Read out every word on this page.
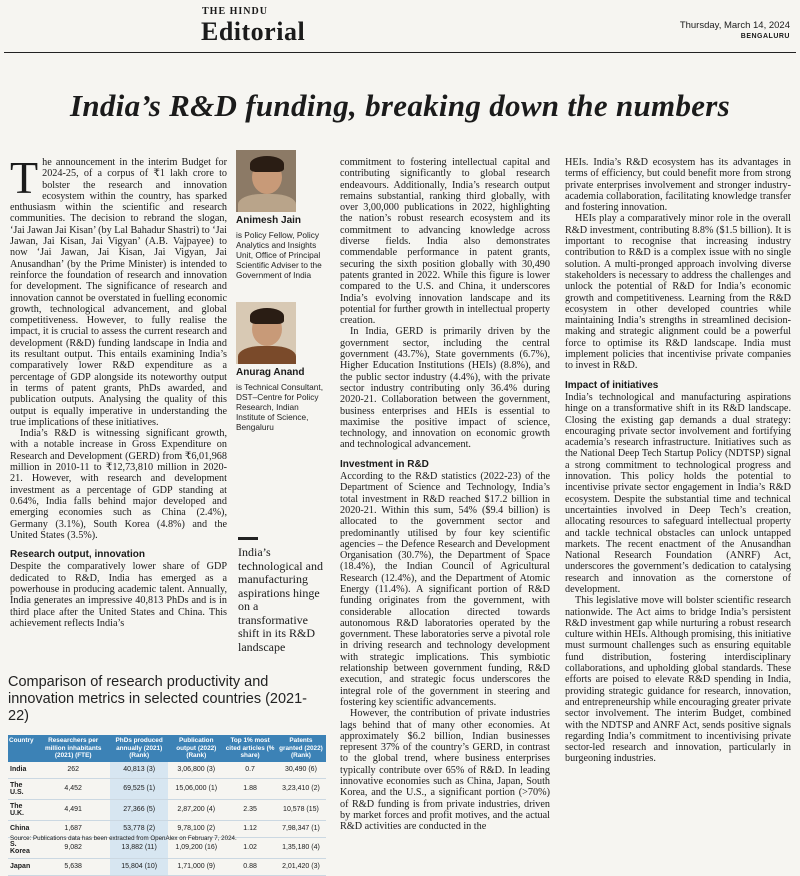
THE HINDU
Editorial	Thursday, March 14, 2024
BENGALURU
India’s R&D funding, breaking down the numbers

The announcement in the interim Budget for 2024-25, of a corpus of ₹1 lakh crore to bolster the research and innovation ecosystem within the country, has sparked enthusiasm within the scientific and research communities. The decision to rebrand the slogan, ‘Jai Jawan Jai Kisan’ (by Lal Bahadur Shastri) to ‘Jai Jawan, Jai Kisan, Jai Vigyan’ (A.B. Vajpayee) to now ‘Jai Jawan, Jai Kisan, Jai Vigyan, Jai Anusandhan’ (by the Prime Minister) is intended to reinforce the foundation of research and innovation for development. The significance of research and innovation cannot be overstated in fuelling economic growth, technological advancement, and global competitiveness. However, to fully realise the impact, it is crucial to assess the current research and development (R&D) funding landscape in India and its resultant output. This entails examining India’s comparatively lower R&D expenditure as a percentage of GDP alongside its noteworthy output in terms of patent grants, PhDs awarded, and publication outputs. Analysing the quality of this output is equally imperative in understanding the true implications of these initiatives.

India’s R&D is witnessing significant growth, with a notable increase in Gross Expenditure on Research and Development (GERD) from ₹6,01,968 million in 2010-11 to ₹12,73,810 million in 2020-21. However, with research and development investment as a percentage of GDP standing at 0.64%, India falls behind major developed and emerging economies such as China (2.4%), Germany (3.1%), South Korea (4.8%) and the United States (3.5%).

Research output, innovation

Despite the comparatively lower share of GDP dedicated to R&D, India has emerged as a powerhouse in producing academic talent. Annually, India generates an impressive 40,813 PhDs and is in third place after the United States and China. This achievement reflects India’s

Animesh Jain
is Policy Fellow, Policy Analytics and Insights Unit, Office of Principal Scientific Adviser to the Government of India
Anurag Anand
is Technical Consultant, DST–Centre for Policy Research, Indian Institute of Science, Bengaluru
India’s technological and manufacturing aspirations hinge on a transformative shift in its R&D landscape

commitment to fostering intellectual capital and contributing significantly to global research endeavours. Additionally, India’s research output remains substantial, ranking third globally, with over 3,00,000 publications in 2022, highlighting the nation’s robust research ecosystem and its commitment to advancing knowledge across diverse fields. India also demonstrates commendable performance in patent grants, securing the sixth position globally with 30,490 patents granted in 2022. While this figure is lower compared to the U.S. and China, it underscores India’s evolving innovation landscape and its potential for further growth in intellectual property creation.

In India, GERD is primarily driven by the government sector, including the central government (43.7%), State governments (6.7%), Higher Education Institutions (HEIs) (8.8%), and the public sector industry (4.4%), with the private sector industry contributing only 36.4% during 2020-21. Collaboration between the government, business enterprises and HEIs is essential to maximise the positive impact of science, technology, and innovation on economic growth and technological advancement.

Investment in R&D

According to the R&D statistics (2022-23) of the Department of Science and Technology, India’s total investment in R&D reached $17.2 billion in 2020-21. Within this sum, 54% ($9.4 billion) is allocated to the government sector and predominantly utilised by four key scientific agencies – the Defence Research and Development Organisation (30.7%), the Department of Space (18.4%), the Indian Council of Agricultural Research (12.4%), and the Department of Atomic Energy (11.4%). A significant portion of R&D funding originates from the government, with considerable allocation directed towards autonomous R&D laboratories operated by the government. These laboratories serve a pivotal role in driving research and technology development with strategic implications. This symbiotic relationship between government funding, R&D execution, and strategic focus underscores the integral role of the government in steering and fostering key scientific advancements.

However, the contribution of private industries lags behind that of many other economies. At approximately $6.2 billion, Indian businesses represent 37% of the country’s GERD, in contrast to the global trend, where business enterprises typically contribute over 65% of R&D. In leading innovative economies such as China, Japan, South Korea, and the U.S., a significant portion (>70%) of R&D funding is from private industries, driven by market forces and profit motives, and the actual R&D activities are conducted in the

HEIs. India’s R&D ecosystem has its advantages in terms of efficiency, but could benefit more from strong private enterprises involvement and stronger industry-academia collaboration, facilitating knowledge transfer and fostering innovation.

HEIs play a comparatively minor role in the overall R&D investment, contributing 8.8% ($1.5 billion). It is important to recognise that increasing industry contribution to R&D is a complex issue with no single solution. A multi-pronged approach involving diverse stakeholders is necessary to address the challenges and unlock the potential of R&D for India’s economic growth and competitiveness. Learning from the R&D ecosystem in other developed countries while maintaining India’s strengths in streamlined decision-making and strategic alignment could be a powerful force to optimise its R&D landscape. India must implement policies that incentivise private companies to invest in R&D.

Impact of initiatives

India’s technological and manufacturing aspirations hinge on a transformative shift in its R&D landscape. Closing the existing gap demands a dual strategy: encouraging private sector involvement and fortifying academia’s research infrastructure. Initiatives such as the National Deep Tech Startup Policy (NDTSP) signal a strong commitment to technological progress and innovation. This policy holds the potential to incentivise private sector engagement in India’s R&D ecosystem. Despite the substantial time and technical uncertainties involved in Deep Tech’s creation, allocating resources to safeguard intellectual property and tackle technical obstacles can unlock untapped markets. The recent enactment of the Anusandhan National Research Foundation (ANRF) Act, underscores the government’s dedication to catalysing research and innovation as the cornerstone of development.

This legislative move will bolster scientific research nationwide. The Act aims to bridge India’s persistent R&D investment gap while nurturing a robust research culture within HEIs. Although promising, this initiative must surmount challenges such as ensuring equitable fund distribution, fostering interdisciplinary collaborations, and upholding global standards. These efforts are poised to elevate R&D spending in India, providing strategic guidance for research, innovation, and entrepreneurship while encouraging greater private sector involvement. The interim Budget, combined with the NDTSP and ANRF Act, sends positive signals regarding India’s commitment to incentivising private sector-led research and innovation, particularly in burgeoning industries.

Comparison of research productivity and innovation metrics in selected countries (2021-22)
Country	Researchers per million inhabitants (2021) (FTE)	PhDs produced annually (2021) (Rank)	Publication output (2022) (Rank)	Top 1% most cited articles (% share)	Patents granted (2022) (Rank)
India	262	40,813 (3)	3,06,800 (3)	0.7	30,490 (6)
The U.S.	4,452	69,525 (1)	15,06,000 (1)	1.88	3,23,410 (2)
The U.K.	4,491	27,366 (5)	2,87,200 (4)	2.35	10,578 (15)
China	1,687	53,778 (2)	9,78,100 (2)	1.12	7,98,347 (1)
S. Korea	9,082	13,882 (11)	1,09,200 (16)	1.02	1,35,180 (4)
Japan	5,638	15,804 (10)	1,71,000 (9)	0.88	2,01,420 (3)
Source: Publications data has been extracted from OpenAlex on February 7, 2024.
